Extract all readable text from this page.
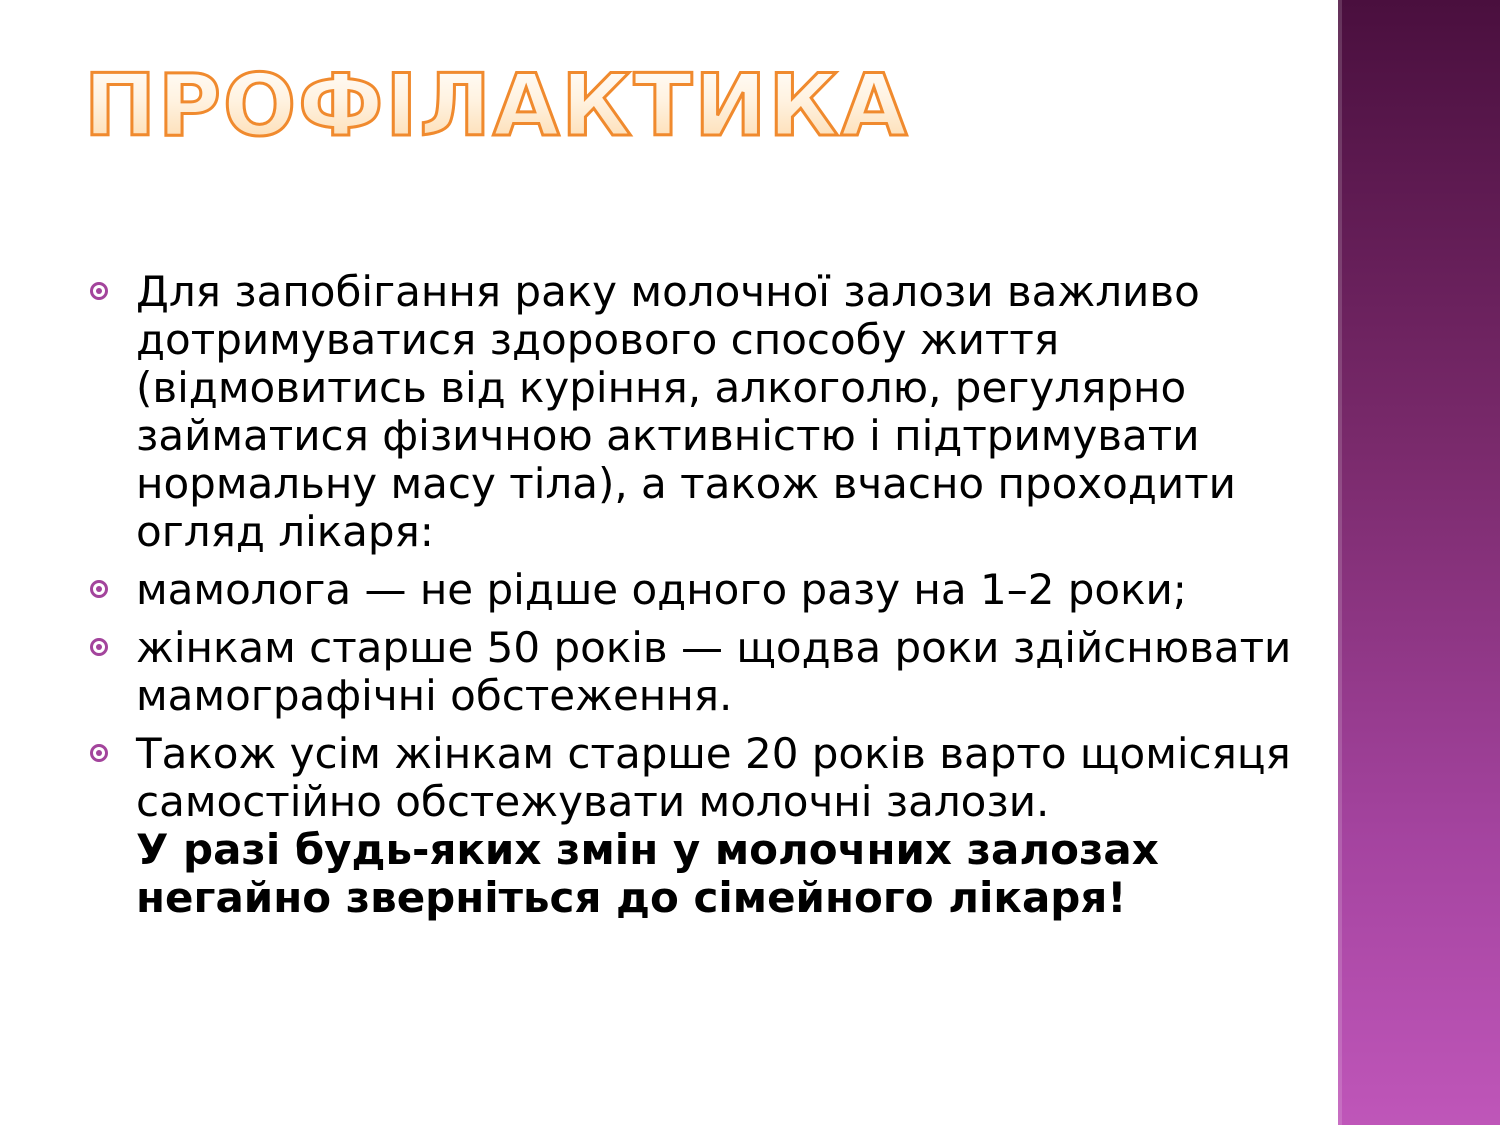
ПРОФІЛАКТИКА
Для запобігання раку молочної залози важливо дотримуватися здорового способу життя (відмовитись від куріння, алкоголю, регулярно займатися фізичною активністю і підтримувати нормальну масу тіла), а також вчасно проходити огляд лікаря:
мамолога — не рідше одного разу на 1–2 роки;
жінкам старше 50 років — щодва роки здійснювати мамографічні обстеження.
Також усім жінкам старше 20 років варто щомісяця самостійно обстежувати молочні залози.
У разі будь-яких змін у молочних залозах негайно зверніться до сімейного лікаря!
